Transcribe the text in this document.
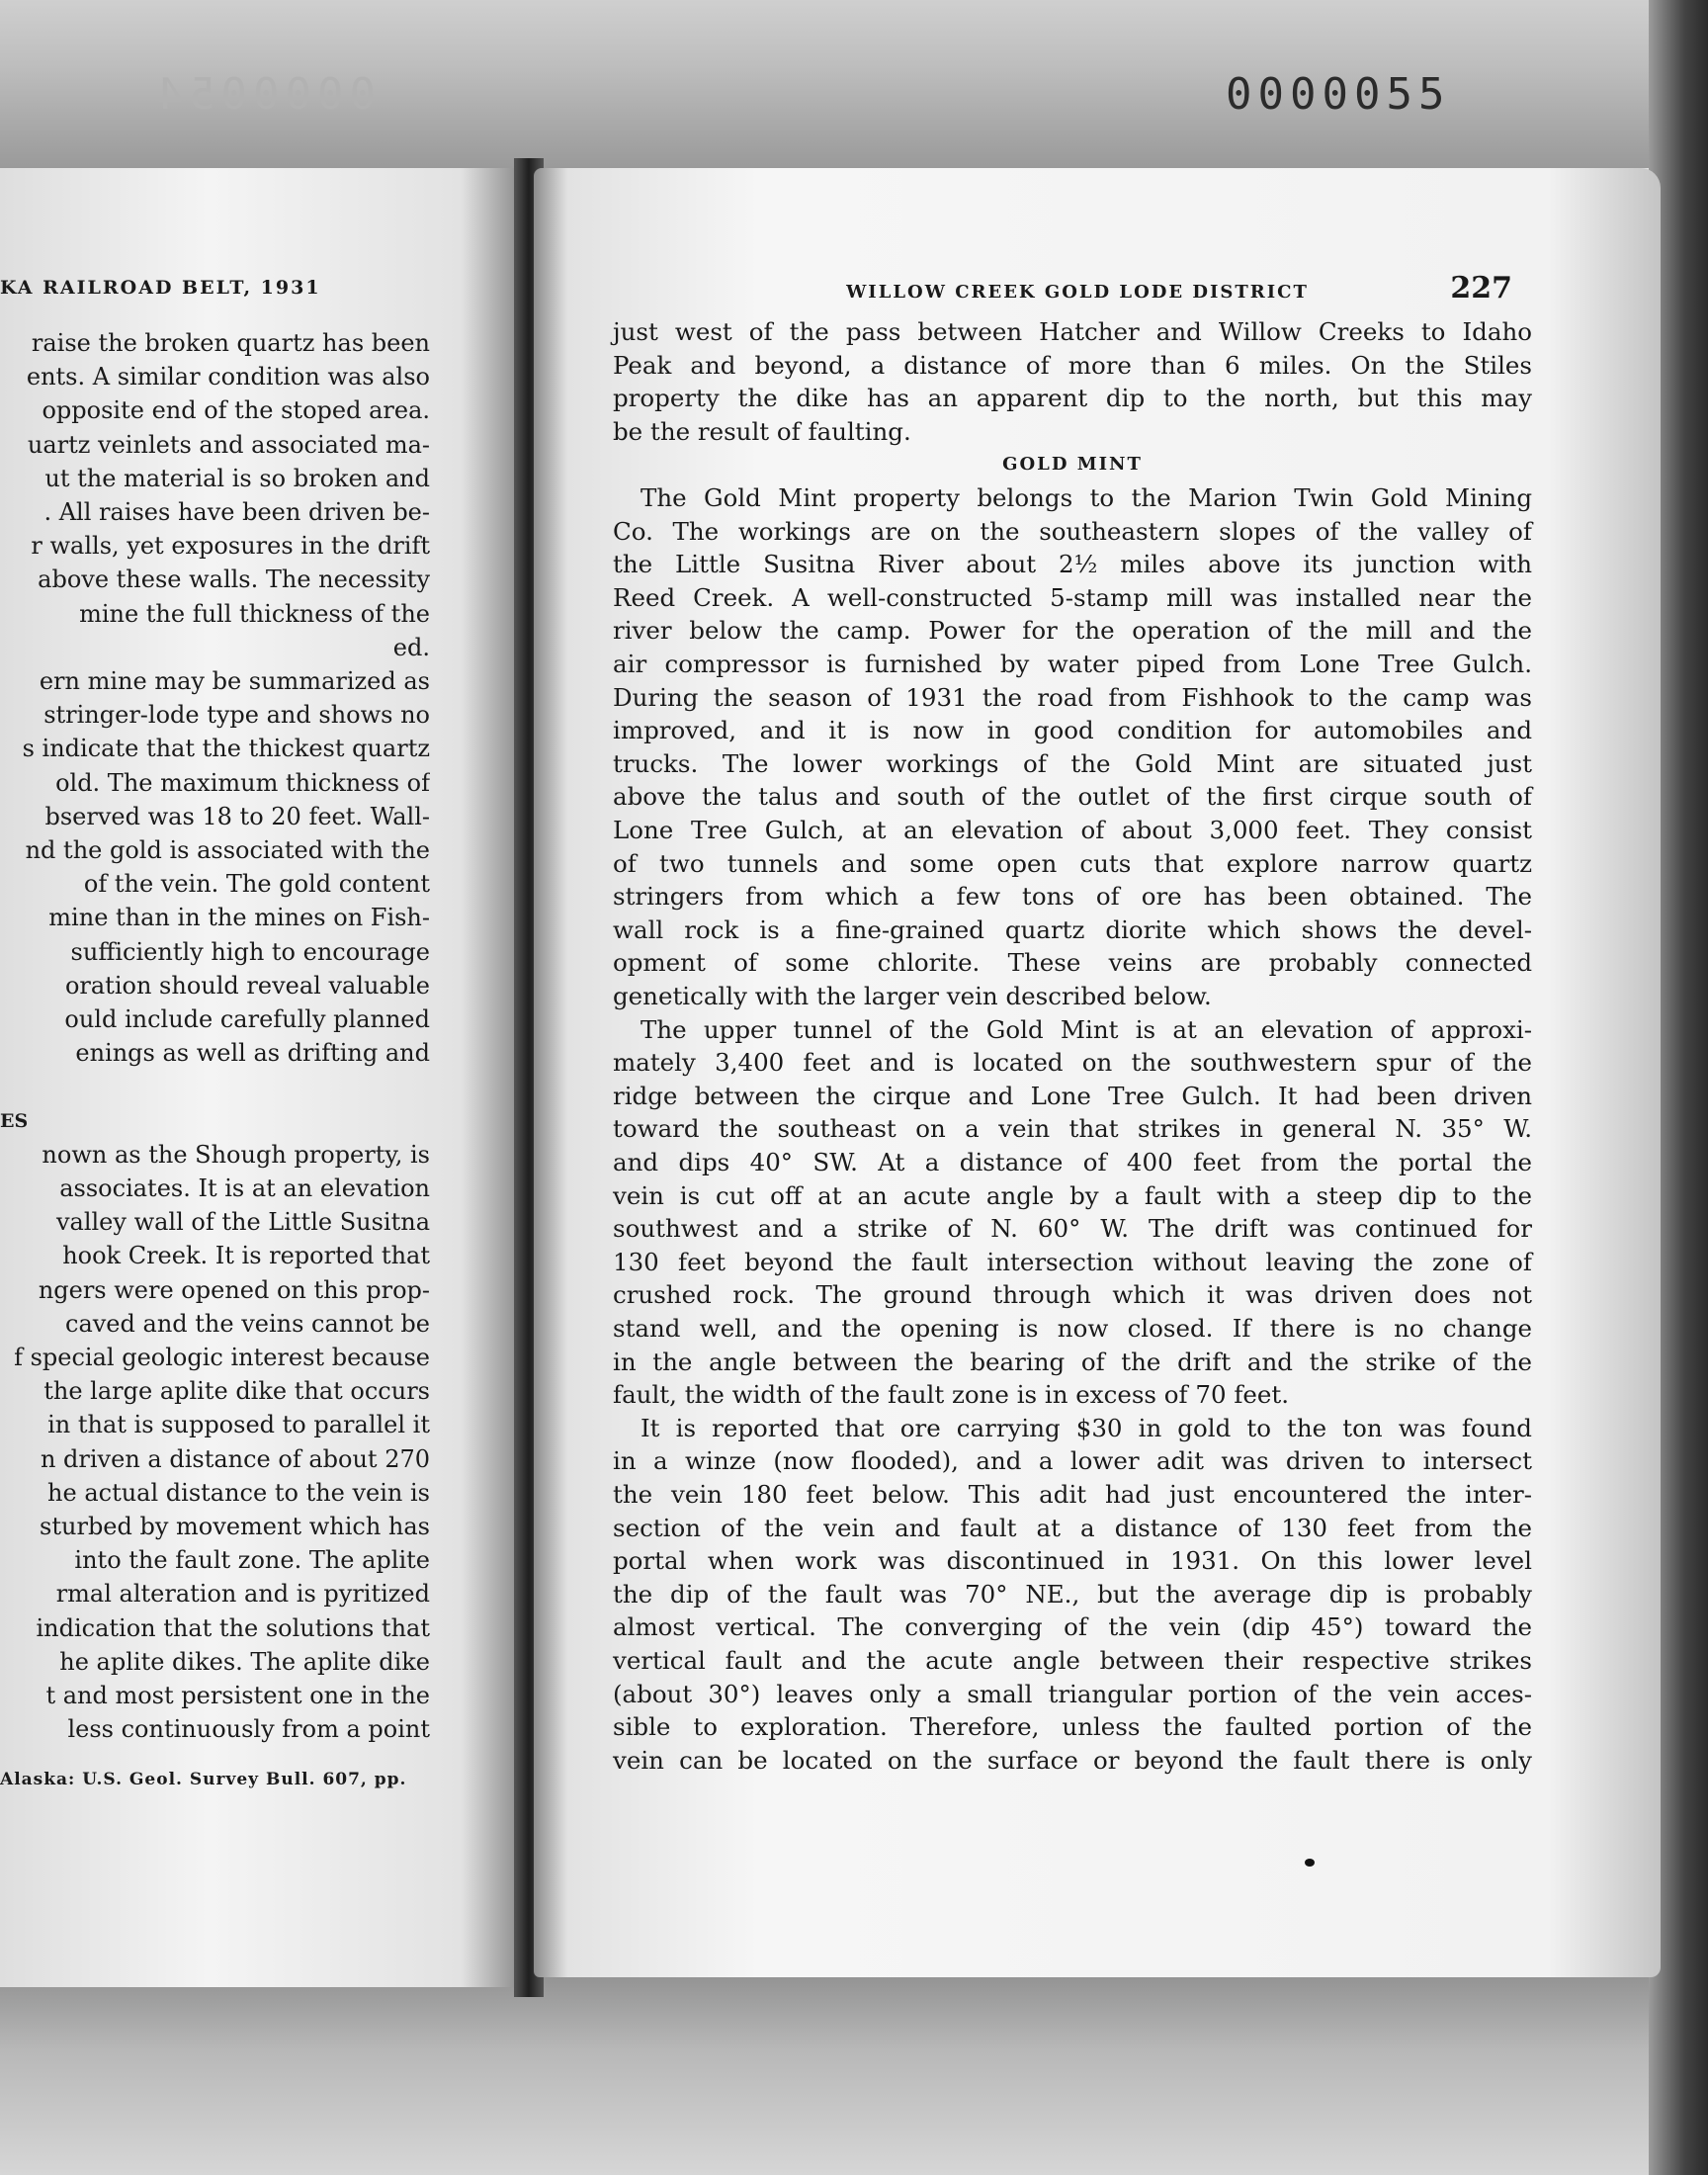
0000054	0000055
KA RAILROAD BELT, 1931
raise the broken quartz has been
ents. A similar condition was also
opposite end of the stoped area.
uartz veinlets and associated ma-
ut the material is so broken and
. All raises have been driven be-
r walls, yet exposures in the drift
above these walls. The necessity
mine the full thickness of the
ed.
ern mine may be summarized as
stringer-lode type and shows no
s indicate that the thickest quartz
old. The maximum thickness of
bserved was 18 to 20 feet. Wall-
nd the gold is associated with the
of the vein. The gold content
mine than in the mines on Fish-
sufficiently high to encourage
oration should reveal valuable
ould include carefully planned
enings as well as drifting and
ES
nown as the Shough property, is
associates. It is at an elevation
valley wall of the Little Susitna
hook Creek. It is reported that
ngers were opened on this prop-
caved and the veins cannot be
f special geologic interest because
the large aplite dike that occurs
in that is supposed to parallel it
n driven a distance of about 270
he actual distance to the vein is
sturbed by movement which has
into the fault zone. The aplite
rmal alteration and is pyritized
indication that the solutions that
he aplite dikes. The aplite dike
t and most persistent one in the
less continuously from a point
Alaska: U.S. Geol. Survey Bull. 607, pp.
WILLOW CREEK GOLD LODE DISTRICT	227
just west of the pass between Hatcher and Willow Creeks to Idaho
Peak and beyond, a distance of more than 6 miles. On the Stiles
property the dike has an apparent dip to the north, but this may
be the result of faulting.
GOLD MINT
The Gold Mint property belongs to the Marion Twin Gold Mining
Co. The workings are on the southeastern slopes of the valley of
the Little Susitna River about 2½ miles above its junction with
Reed Creek. A well-constructed 5-stamp mill was installed near the
river below the camp. Power for the operation of the mill and the
air compressor is furnished by water piped from Lone Tree Gulch.
During the season of 1931 the road from Fishhook to the camp was
improved, and it is now in good condition for automobiles and
trucks. The lower workings of the Gold Mint are situated just
above the talus and south of the outlet of the first cirque south of
Lone Tree Gulch, at an elevation of about 3,000 feet. They consist
of two tunnels and some open cuts that explore narrow quartz
stringers from which a few tons of ore has been obtained. The
wall rock is a fine-grained quartz diorite which shows the devel-
opment of some chlorite. These veins are probably connected
genetically with the larger vein described below.
The upper tunnel of the Gold Mint is at an elevation of approxi-
mately 3,400 feet and is located on the southwestern spur of the
ridge between the cirque and Lone Tree Gulch. It had been driven
toward the southeast on a vein that strikes in general N. 35° W.
and dips 40° SW. At a distance of 400 feet from the portal the
vein is cut off at an acute angle by a fault with a steep dip to the
southwest and a strike of N. 60° W. The drift was continued for
130 feet beyond the fault intersection without leaving the zone of
crushed rock. The ground through which it was driven does not
stand well, and the opening is now closed. If there is no change
in the angle between the bearing of the drift and the strike of the
fault, the width of the fault zone is in excess of 70 feet.
It is reported that ore carrying $30 in gold to the ton was found
in a winze (now flooded), and a lower adit was driven to intersect
the vein 180 feet below. This adit had just encountered the inter-
section of the vein and fault at a distance of 130 feet from the
portal when work was discontinued in 1931. On this lower level
the dip of the fault was 70° NE., but the average dip is probably
almost vertical. The converging of the vein (dip 45°) toward the
vertical fault and the acute angle between their respective strikes
(about 30°) leaves only a small triangular portion of the vein acces-
sible to exploration. Therefore, unless the faulted portion of the
vein can be located on the surface or beyond the fault there is only
